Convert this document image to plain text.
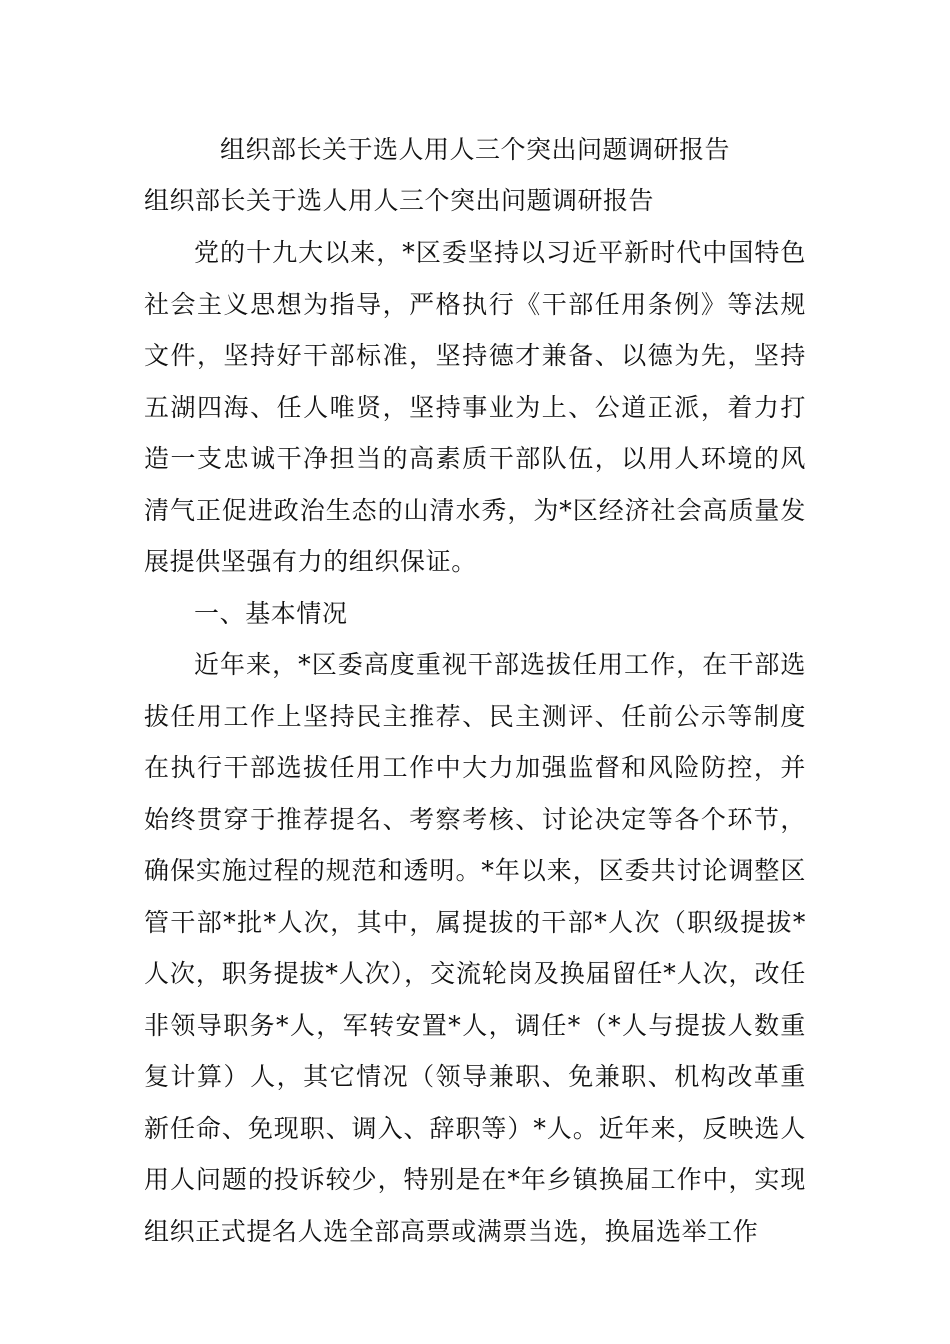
组织部长关于选人用人三个突出问题调研报告
组织部长关于选人用人三个突出问题调研报告

党的十九大以来，*区委坚持以习近平新时代中国特色社会主义思想为指导，严格执行《干部任用条例》等法规文件，坚持好干部标准，坚持德才兼备、以德为先，坚持五湖四海、任人唯贤，坚持事业为上、公道正派，着力打造一支忠诚干净担当的高素质干部队伍，以用人环境的风清气正促进政治生态的山清水秀，为*区经济社会高质量发展提供坚强有力的组织保证。

一、基本情况

近年来，*区委高度重视干部选拔任用工作，在干部选拔任用工作上坚持民主推荐、民主测评、任前公示等制度在执行干部选拔任用工作中大力加强监督和风险防控，并始终贯穿于推荐提名、考察考核、讨论决定等各个环节，确保实施过程的规范和透明。*年以来，区委共讨论调整区管干部*批*人次，其中，属提拔的干部*人次（职级提拔*人次，职务提拔*人次），交流轮岗及换届留任*人次，改任非领导职务*人，军转安置*人，调任*（*人与提拔人数重复计算）人，其它情况（领导兼职、免兼职、机构改革重新任命、免现职、调入、辞职等）*人。近年来，反映选人用人问题的投诉较少，特别是在*年乡镇换届工作中，实现组织正式提名人选全部高票或满票当选，换届选举工作
